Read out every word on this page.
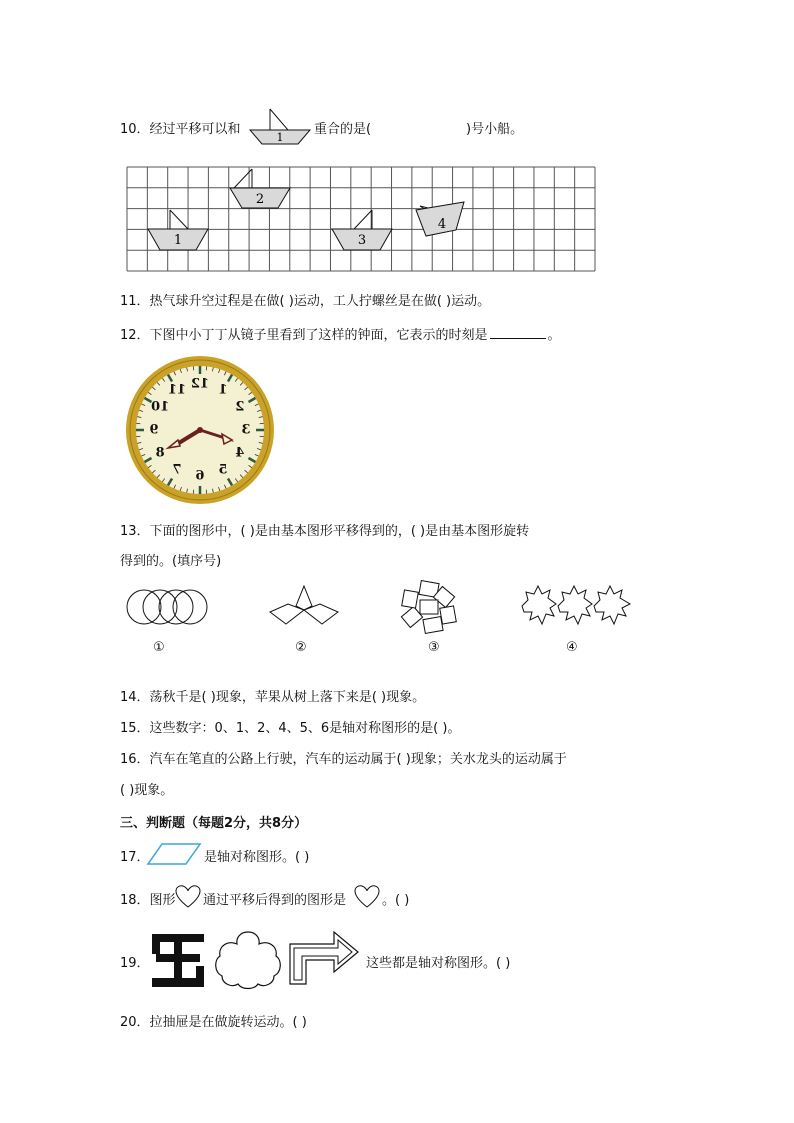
10．经过平移可以和
1
重合的是(	)号小船。
1
2
3
4
11．热气球升空过程是在做( )运动，工人拧螺丝是在做( )运动。
12．下图中小丁丁从镜子里看到了这样的钟面，它表示的时刻是	。
12
11
10
9
8
7 6 5
4
3
2
1
13．下面的图形中，( )是由基本图形平移得到的，( )是由基本图形旋转
得到的。(填序号)
①	②	③	④
14．荡秋千是( )现象，苹果从树上落下来是( )现象。
15．这些数字：0、1、2、4、5、6是轴对称图形的是( )。
16．汽车在笔直的公路上行驶，汽车的运动属于( )现象；关水龙头的运动属于
( )现象。
三、判断题（每题2分，共8分）
17．	是轴对称图形。( )
18．图形 通过平移后得到的图形是	。( )
19．	这些都是轴对称图形。( )
20．拉抽屉是在做旋转运动。( )
